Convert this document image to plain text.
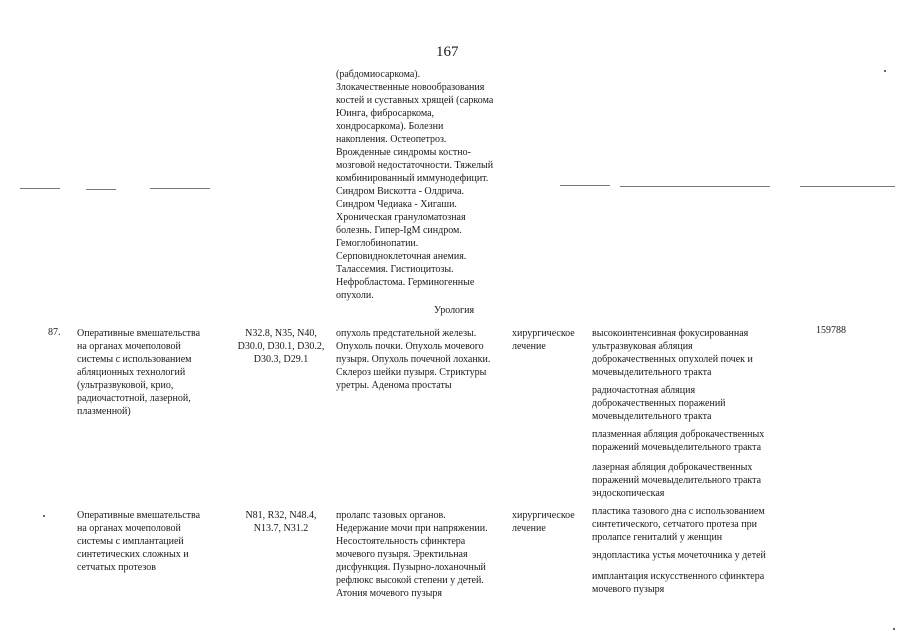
167
(рабдомиосаркома).
Злокачественные новообразования
костей и суставных хрящей (саркома
Юинга, фибросаркома,
хондросаркома). Болезни
накопления. Остеопетроз.
Врожденные синдромы костно-
мозговой недостаточности. Тяжелый
комбинированный иммунодефицит.
Синдром Вискотта - Олдрича.
Синдром Чедиака - Хигаши.
Хроническая грануломатозная
болезнь. Гипер-IgM синдром.
Гемоглобинопатии.
Серповидноклеточная анемия.
Талассемия. Гистиоцитозы.
Нефробластома. Герминогенные
опухоли.
Урология
87. Оперативные вмешательства
на органах мочеполовой
системы с использованием
абляционных технологий
(ультразвуковой, крио,
радиочастотной, лазерной,
плазменной)
N32.8, N35, N40,
D30.0, D30.1, D30.2,
D30.3, D29.1
опухоль предстательной железы.
Опухоль почки. Опухоль мочевого
пузыря. Опухоль почечной лоханки.
Склероз шейки пузыря. Стриктуры
уретры. Аденома простаты
хирургическое
лечение
высокоинтенсивная фокусированная
ультразвуковая абляция
доброкачественных опухолей почек и
мочевыделительного тракта
радиочастотная абляция
доброкачественных поражений
мочевыделительного тракта
плазменная абляция доброкачественных
поражений мочевыделительного тракта
лазерная абляция доброкачественных
поражений мочевыделительного тракта
эндоскопическая
159788
Оперативные вмешательства
на органах мочеполовой
системы с имплантацией
синтетических сложных и
сетчатых протезов
N81, R32, N48.4,
N13.7, N31.2
пролапс тазовых органов.
Недержание мочи при напряжении.
Несостоятельность сфинктера
мочевого пузыря. Эректильная
дисфункция. Пузырно-лоханочный
рефлюкс высокой степени у детей.
Атония мочевого пузыря
хирургическое
лечение
пластика тазового дна с использованием
синтетического, сетчатого протеза при
пролапсе гениталий у женщин
эндопластика устья мочеточника у детей
имплантация искусственного сфинктера
мочевого пузыря
